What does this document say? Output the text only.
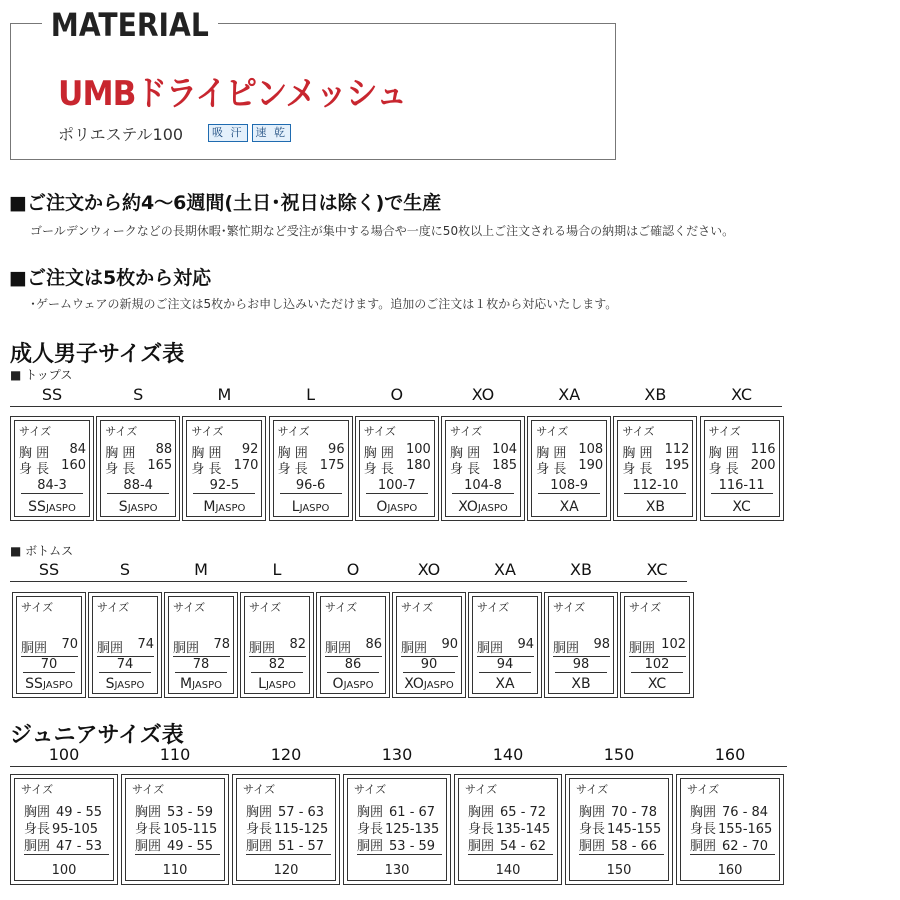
MATERIAL
UMBドライピンメッシュ
ポリエステル100	吸 汗	速 乾
■ご注文から約4～6週間(土日･祝日は除く)で生産
ゴールデンウィークなどの長期休暇･繁忙期など受注が集中する場合や一度に50枚以上ご注文される場合の納期はご確認ください。
■ご注文は5枚から対応
･ゲームウェアの新規のご注文は5枚からお申し込みいただけます。追加のご注文は１枚から対応いたします。
成人男子サイズ表
■ トップス
SS
サイズ
胸 囲 84
身 長 160
84-3
SSJASPO
S
サイズ
胸 囲 88
身 長 165
88-4
SJASPO
M
サイズ
胸 囲 92
身 長 170
92-5
MJASPO
L
サイズ
胸 囲 96
身 長 175
96-6
LJASPO
O
サイズ
胸 囲 100
身 長 180
100-7
OJASPO
XO
サイズ
胸 囲 104
身 長 185
104-8
XOJASPO
XA
サイズ
胸 囲 108
身 長 190
108-9
XA
XB
サイズ
胸 囲 112
身 長 195
112-10
XB
XC
サイズ
胸 囲 116
身 長 200
116-11
XC
■ ボトムス
SS
サイズ
胴囲 70
70
SSJASPO
S
サイズ
胴囲 74
74
SJASPO
M
サイズ
胴囲 78
78
MJASPO
L
サイズ
胴囲 82
82
LJASPO
O
サイズ
胴囲 86
86
OJASPO
XO
サイズ
胴囲 90
90
XOJASPO
XA
サイズ
胴囲 94
94
XA
XB
サイズ
胴囲 98
98
XB
XC
サイズ
胴囲 102
102
XC
ジュニアサイズ表
100
サイズ
胸囲 49 - 55
身長 95-105
胴囲 47 - 53
100
110
サイズ
胸囲 53 - 59
身長 105-115
胴囲 49 - 55
110
120
サイズ
胸囲 57 - 63
身長 115-125
胴囲 51 - 57
120
130
サイズ
胸囲 61 - 67
身長 125-135
胴囲 53 - 59
130
140
サイズ
胸囲 65 - 72
身長 135-145
胴囲 54 - 62
140
150
サイズ
胸囲 70 - 78
身長 145-155
胴囲 58 - 66
150
160
サイズ
胸囲 76 - 84
身長 155-165
胴囲 62 - 70
160
